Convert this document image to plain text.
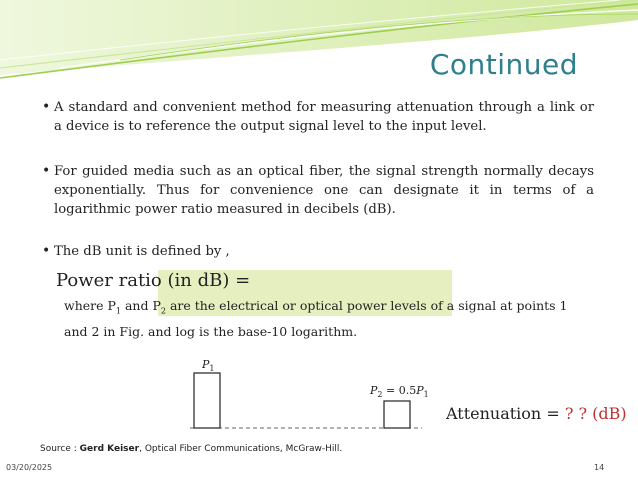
Continued
• A standard and convenient method for measuring attenuation through a link or a device is to reference the output signal level to the input level.
• For guided media such as an optical fiber, the signal strength normally decays exponentially. Thus for convenience one can designate it in terms of a logarithmic power ratio measured in decibels (dB).
• The dB unit is defined by ,
Power ratio (in dB) =
where $P_1$ and $P_2$ are the electrical or optical power levels of a signal at points 1 and 2 in Fig. and log is the base-10 logarithm.
$P_1$
$P_2 = 0.5P_1$
Attenuation = ? ? (dB)
Source : Gerd Keiser, Optical Fiber Communications, McGraw-Hill.
03/20/2025	14
